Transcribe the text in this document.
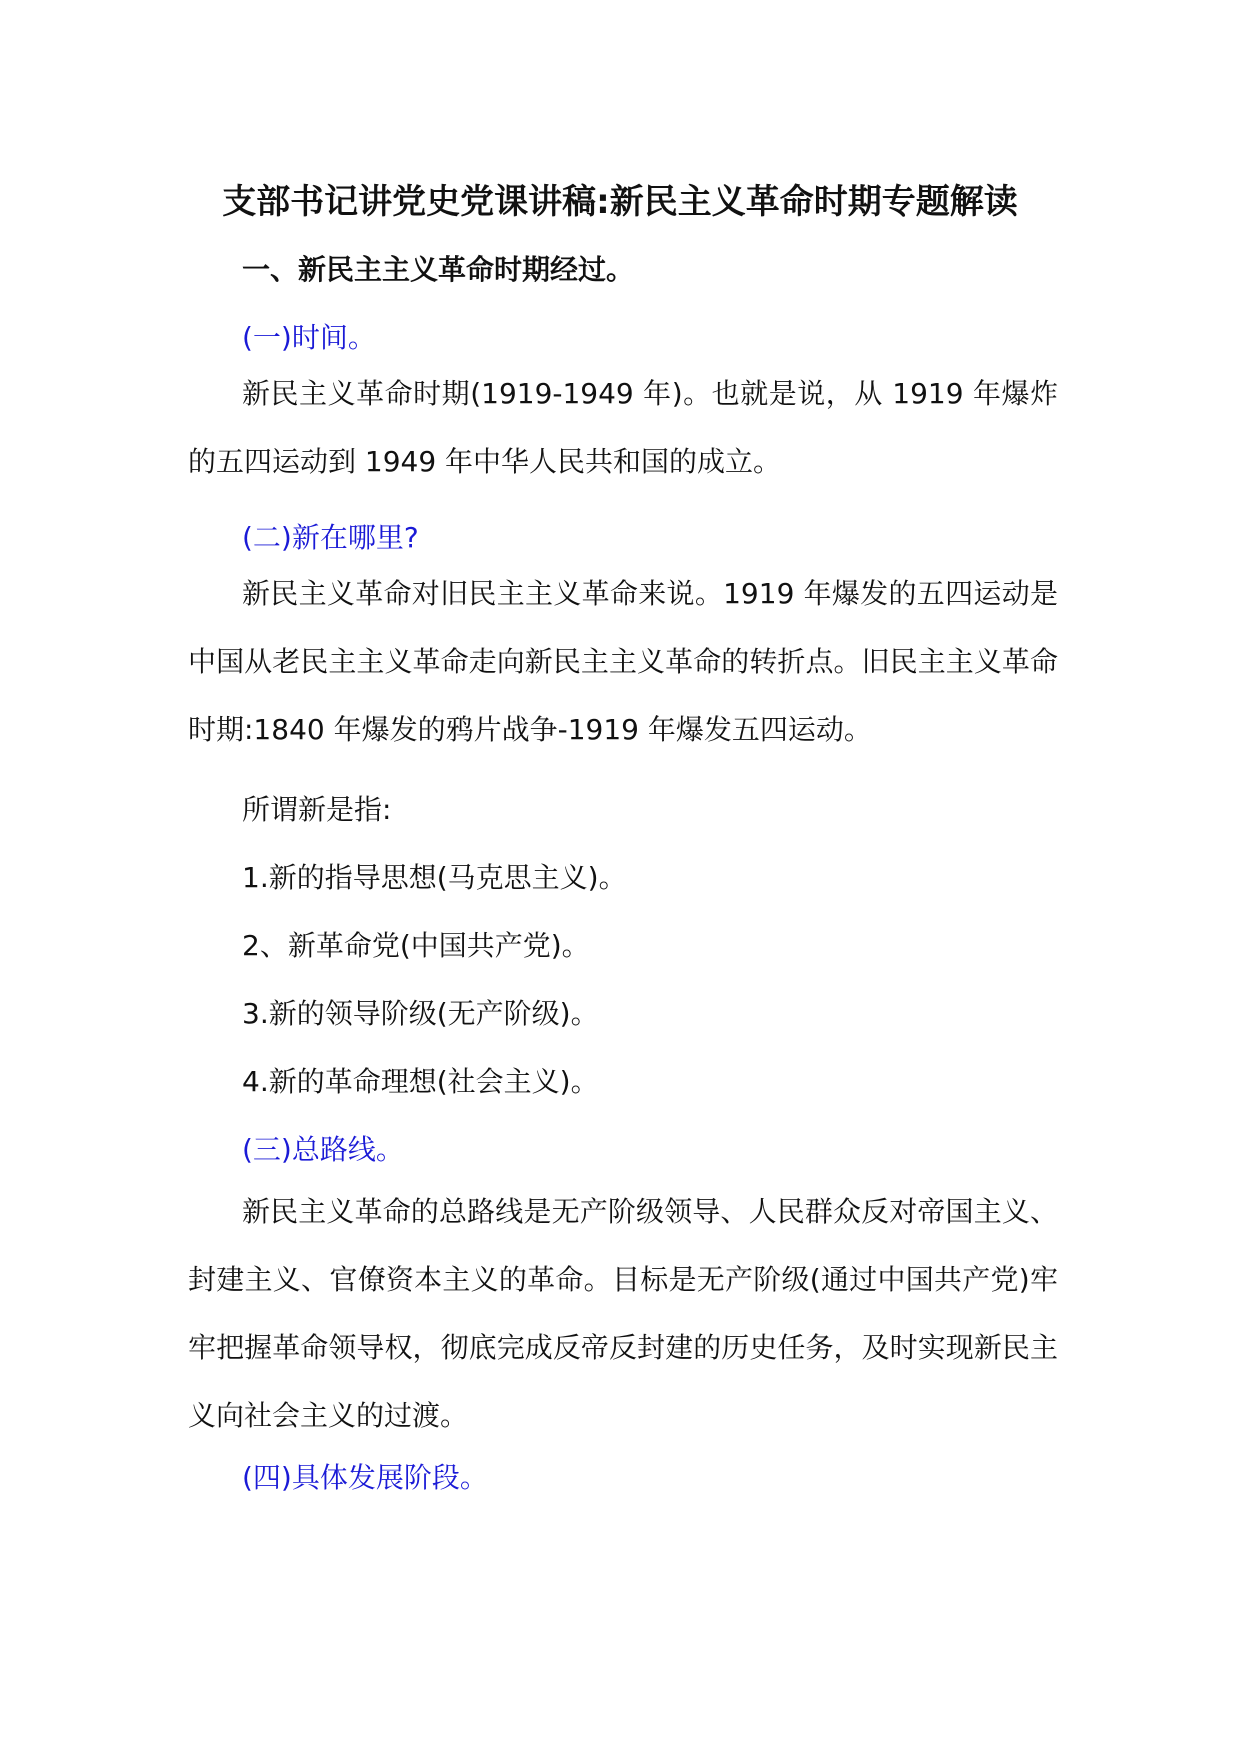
支部书记讲党史党课讲稿:新民主义革命时期专题解读
一、新民主主义革命时期经过。

(一)时间。

新民主义革命时期(1919-1949 年)。也就是说，从 1919 年爆炸的五四运动到 1949 年中华人民共和国的成立。

(二)新在哪里?

新民主义革命对旧民主主义革命来说。1919 年爆发的五四运动是中国从老民主主义革命走向新民主主义革命的转折点。旧民主主义革命时期:1840 年爆发的鸦片战争-1919 年爆发五四运动。

所谓新是指:

1.新的指导思想(马克思主义)。

2、新革命党(中国共产党)。

3.新的领导阶级(无产阶级)。

4.新的革命理想(社会主义)。

(三)总路线。

新民主义革命的总路线是无产阶级领导、人民群众反对帝国主义、封建主义、官僚资本主义的革命。目标是无产阶级(通过中国共产党)牢牢把握革命领导权，彻底完成反帝反封建的历史任务，及时实现新民主义向社会主义的过渡。

(四)具体发展阶段。
